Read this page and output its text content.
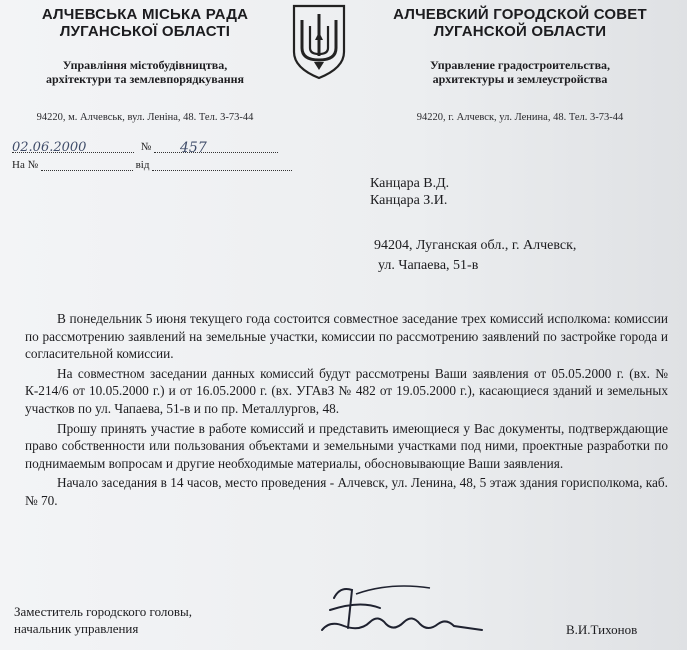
АЛЧЕВСЬКА МІСЬКА РАДА
ЛУГАНСЬКОЇ ОБЛАСТІ
Управління містобудівництва,
архітектури та землевпорядкування
94220, м. Алчевськ, вул. Леніна, 48. Тел. 3-73-44
АЛЧЕВСКИЙ ГОРОДСКОЙ СОВЕТ
ЛУГАНСКОЙ ОБЛАСТИ
Управление градостроительства,
архитектуры и землеустройства
94220, г. Алчевск, ул. Ленина, 48. Тел. 3-73-44
02.06.2000	№ 457
На №	від
Канцара В.Д.
Канцара З.И.
94204, Луганская обл., г. Алчевск,
ул. Чапаева, 51-в

В понедельник 5 июня текущего года состоится совместное заседание трех комиссий исполкома: комиссии по рассмотрению заявлений на земельные участки, комиссии по рассмотрению заявлений по застройке города и согласительной комиссии.

На совместном заседании данных комиссий будут рассмотрены Ваши заявления от 05.05.2000 г. (вх. № К-214/6 от 10.05.2000 г.) и от 16.05.2000 г. (вх. УГАвЗ № 482 от 19.05.2000 г.), касающиеся зданий и земельных участков по ул. Чапаева, 51-в и по пр. Металлургов, 48.

Прошу принять участие в работе комиссий и представить имеющиеся у Вас документы, подтверждающие право собственности или пользования объектами и земельными участками под ними, проектные разработки по поднимаемым вопросам и другие необходимые материалы, обосновывающие Ваши заявления.

Начало заседания в 14 часов, место проведения - Алчевск, ул. Ленина, 48, 5 этаж здания горисполкома, каб. № 70.

Заместитель городского головы,
начальник управления	В.И.Тихонов
